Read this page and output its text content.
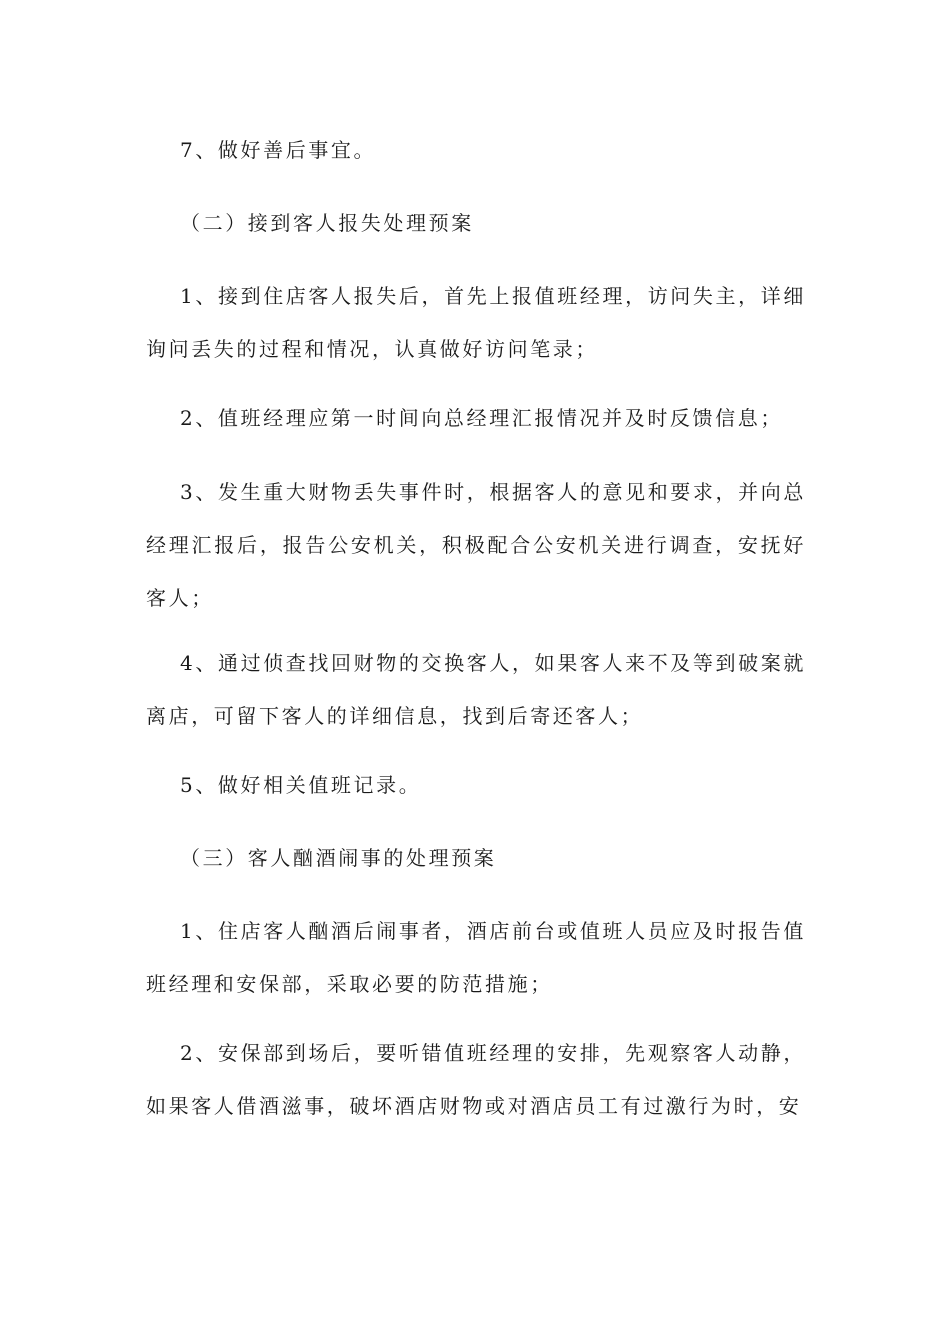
7、做好善后事宜。

（二）接到客人报失处理预案

1、接到住店客人报失后，首先上报值班经理，访问失主，详细询问丢失的过程和情况，认真做好访问笔录；

2、值班经理应第一时间向总经理汇报情况并及时反馈信息；

3、发生重大财物丢失事件时，根据客人的意见和要求，并向总经理汇报后，报告公安机关，积极配合公安机关进行调查，安抚好客人；

4、通过侦查找回财物的交换客人，如果客人来不及等到破案就离店，可留下客人的详细信息，找到后寄还客人；

5、做好相关值班记录。

（三）客人酗酒闹事的处理预案

1、住店客人酗酒后闹事者，酒店前台或值班人员应及时报告值班经理和安保部，采取必要的防范措施；

2、安保部到场后，要听错值班经理的安排，先观察客人动静，如果客人借酒滋事，破坏酒店财物或对酒店员工有过激行为时，安
